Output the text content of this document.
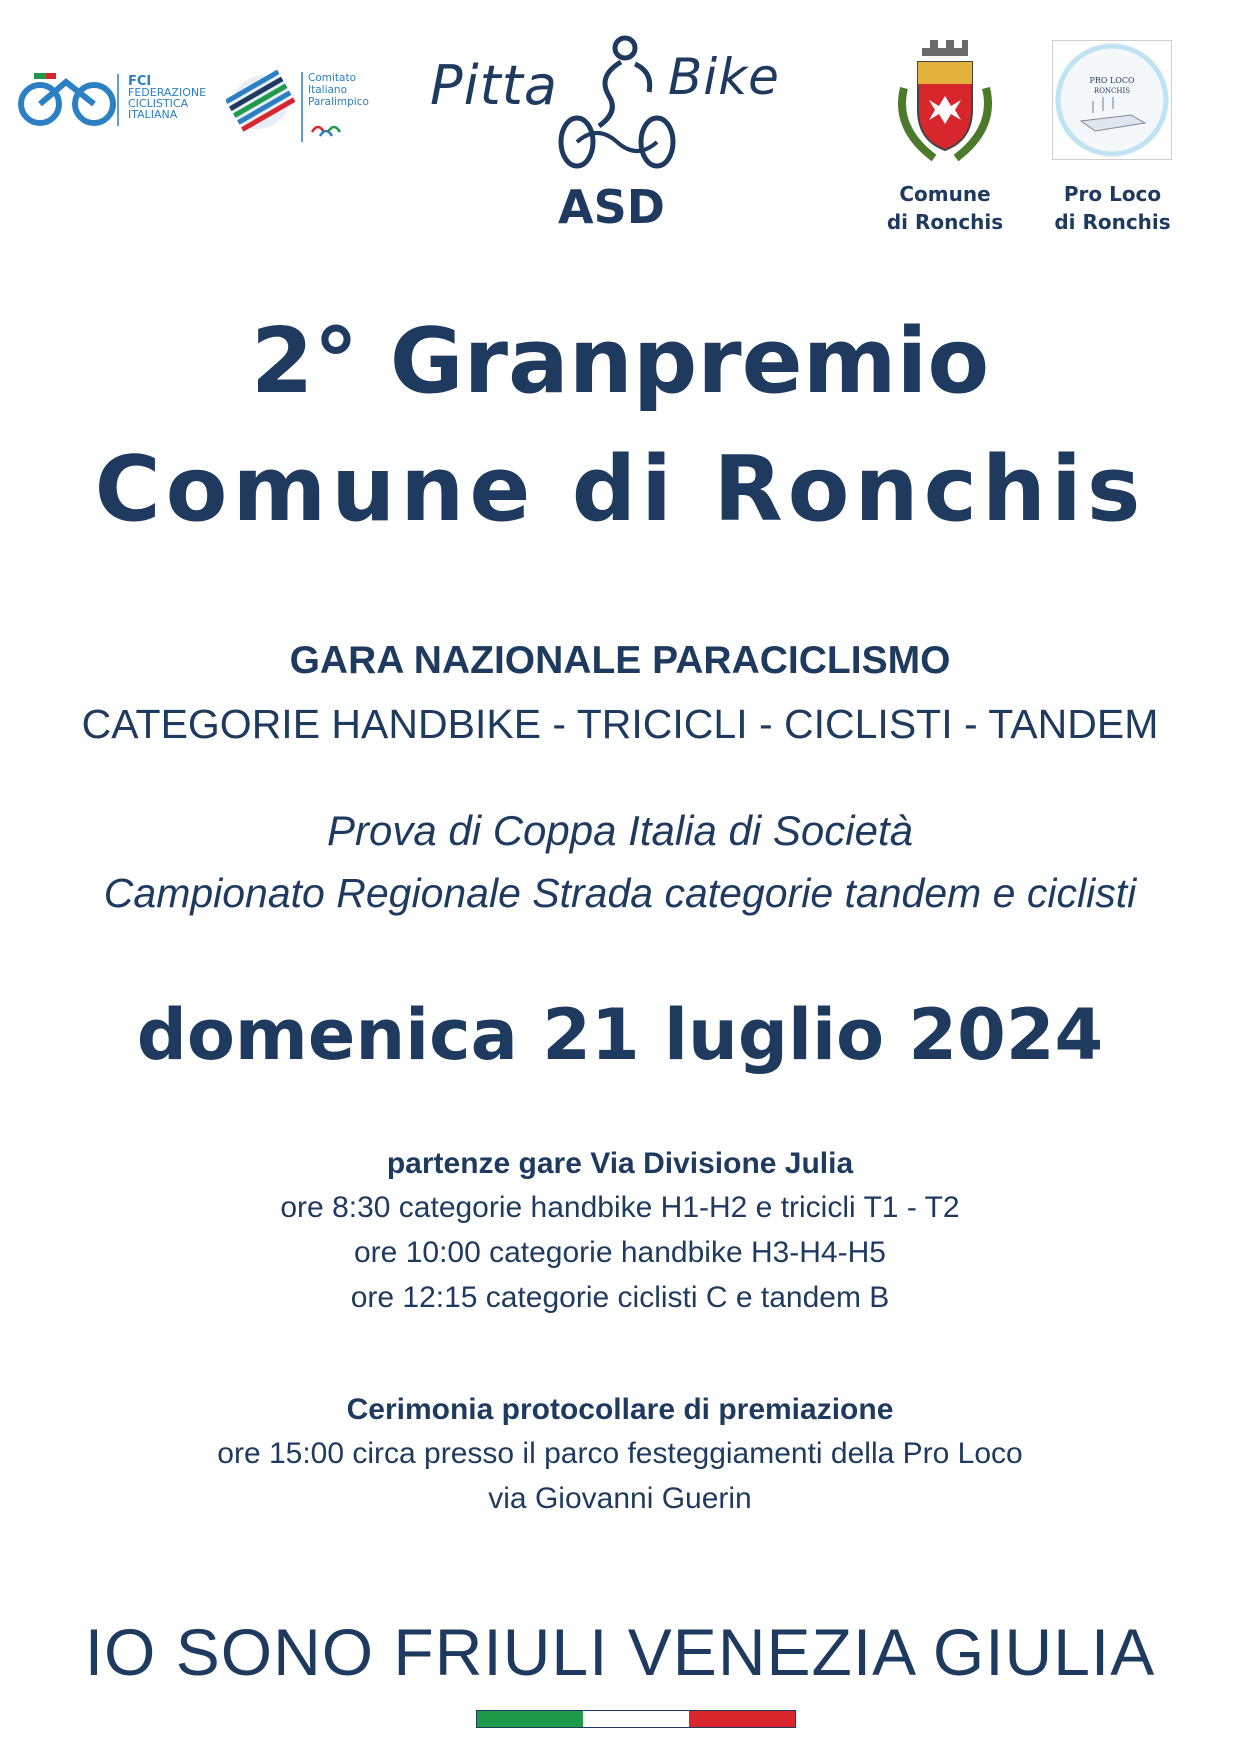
FCI
FEDERAZIONE
CICLISTICA
ITALIANA
Comitato
Italiano
Paralimpico Pitta Bike
ASD	Comune
di Ronchis
PRO LOCO
RONCHIS
Pro Loco
di Ronchis
2° Granpremio
Comune di Ronchis
GARA NAZIONALE PARACICLISMO
CATEGORIE HANDBIKE - TRICICLI - CICLISTI - TANDEM
Prova di Coppa Italia di Società
Campionato Regionale Strada categorie tandem e ciclisti
domenica 21 luglio 2024
partenze gare Via Divisione Julia
ore 8:30 categorie handbike H1-H2 e tricicli T1 - T2
ore 10:00 categorie handbike H3-H4-H5
ore 12:15 categorie ciclisti C e tandem B
Cerimonia protocollare di premiazione
ore 15:00 circa presso il parco festeggiamenti della Pro Loco
via Giovanni Guerin
IO SONO FRIULI VENEZIA GIULIA
